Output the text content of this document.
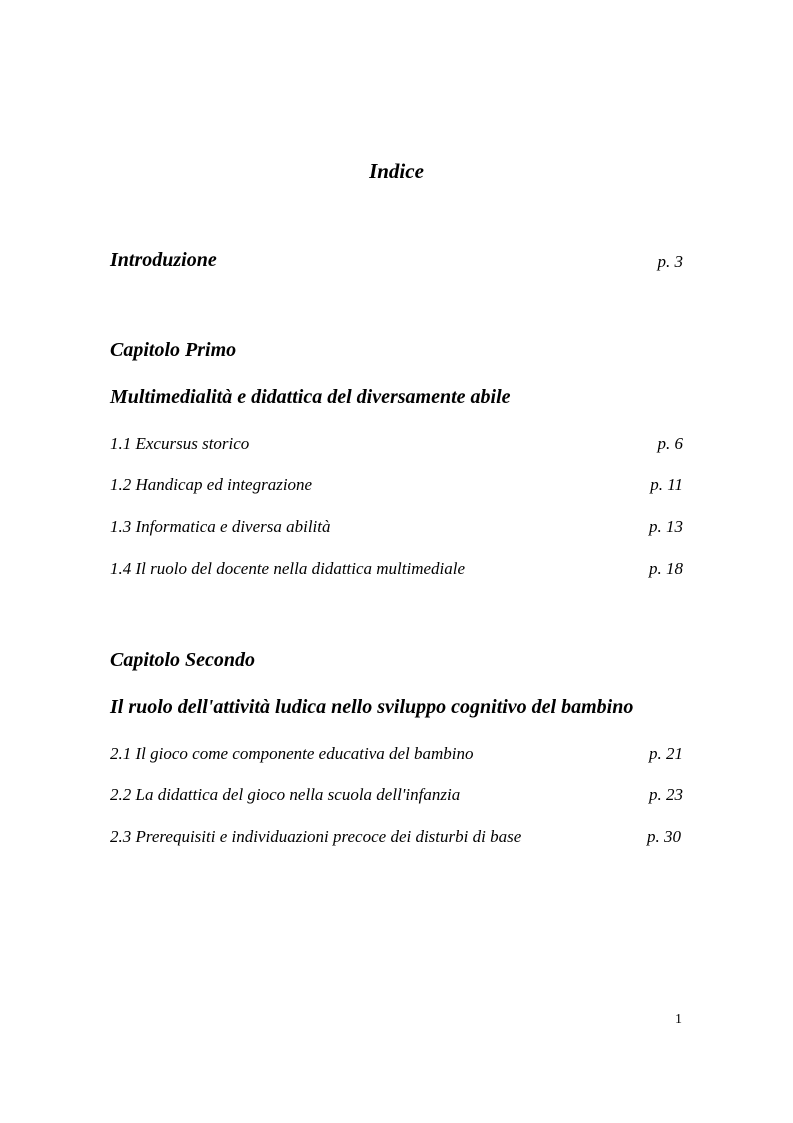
Indice
Introduzione	p. 3
Capitolo Primo
Multimedialità e didattica del diversamente abile
1.1 Excursus storico	p. 6
1.2 Handicap ed integrazione	p. 11
1.3 Informatica e diversa abilità	p. 13
1.4 Il ruolo del docente nella didattica multimediale	p. 18
Capitolo Secondo
Il ruolo dell'attività ludica nello sviluppo cognitivo del bambino
2.1 Il gioco come componente educativa del bambino	p. 21
2.2 La didattica del gioco nella scuola dell'infanzia	p. 23
2.3 Prerequisiti e individuazioni precoce dei disturbi di base	p. 30
1
